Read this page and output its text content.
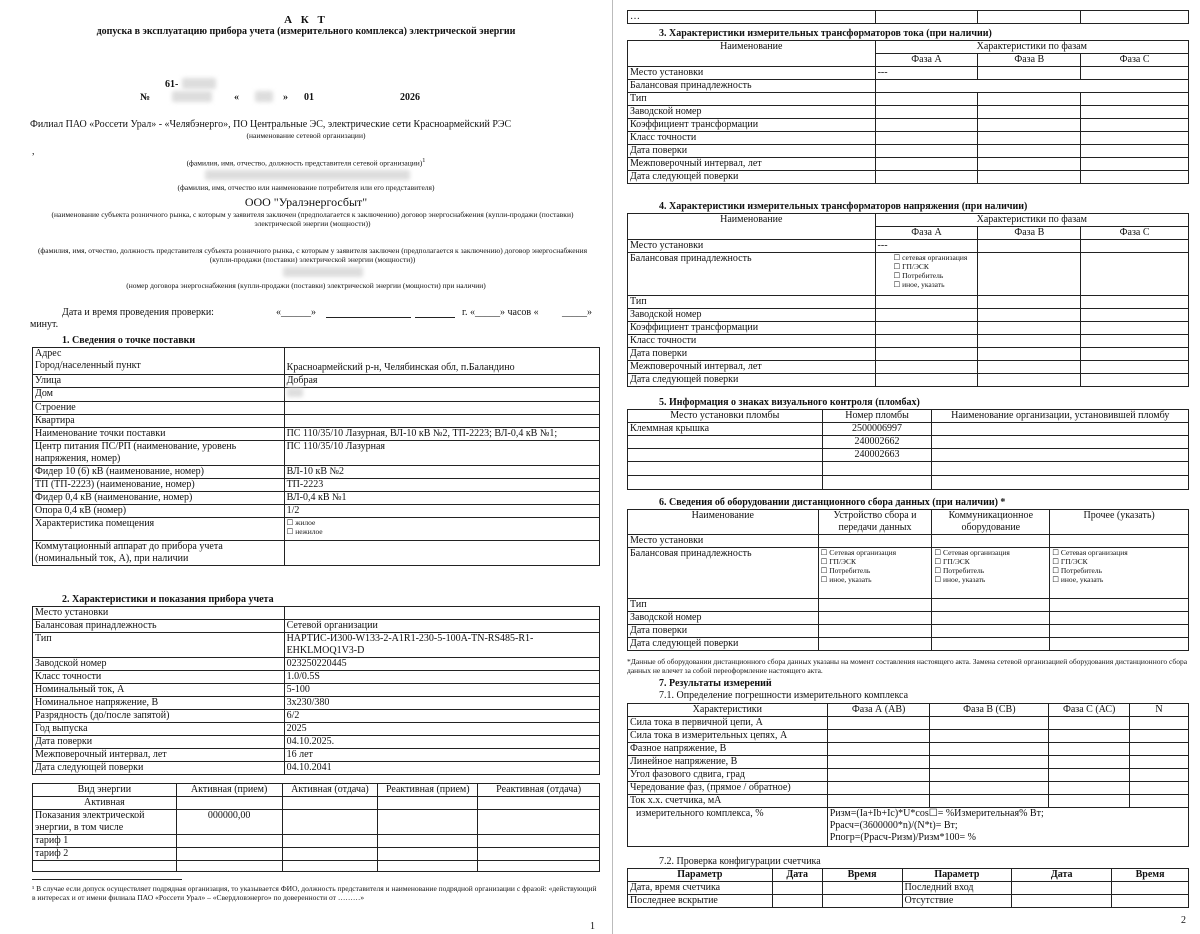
А К Т
допуска в эксплуатацию прибора учета (измерительного комплекса) электрической энергии
61-
№	«	» 01	2026
Филиал ПАО «Россети Урал» - «Челябэнерго», ПО Центральные ЭС, электрические сети Красноармейский РЭС
(наименование сетевой организации)
,
(фамилия, имя, отчество, должность представителя сетевой организации)$^1$
(фамилия, имя, отчество или наименование потребителя или его представителя)
ООО "Уралэнергосбыт"
(наименование субъекта розничного рынка, с которым у заявителя заключен (предполагается к заключению) договор энергоснабжения (купли-продажи (поставки) электрической энергии (мощности))
(фамилия, имя, отчество, должность представителя субъекта розничного рынка, с которым у заявителя заключен (предполагается к заключению) договор энергоснабжения (купли-продажи (поставки) электрической энергии (мощности))
(номер договора энергоснабжения (купли-продажи (поставки) электрической энергии (мощности) при наличии)
Дата и время проведения проверки:	«______»	г. «_____» часов « _____»
минут.
1. Сведения о точке поставки
Адрес
Город/населенный пункт	Красноармейский р-н, Челябинская обл, п.Баландино
Улица	Добрая
Дом	
Строение	
Квартира	
Наименование точки поставки	ПС 110/35/10 Лазурная, ВЛ-10 кВ №2, ТП-2223; ВЛ-0,4 кВ №1;
Центр питания ПС/РП (наименование, уровень напряжения, номер)	ПС 110/35/10 Лазурная
Фидер 10 (6) кВ (наименование, номер)	ВЛ-10 кВ №2
ТП (ТП-2223) (наименование, номер)	ТП-2223
Фидер 0,4 кВ (наименование, номер)	ВЛ-0,4 кВ №1
Опора 0,4 кВ (номер)	1/2
Характеристика помещения	☐ жилое
☐ нежилое

Коммутационный аппарат до прибора учета (номинальный ток, А), при наличии	
2. Характеристики и показания прибора учета
Место установки	
Балансовая принадлежность	Сетевой организации
Тип	НАРТИС-И300-W133-2-A1R1-230-5-100А-TN-RS485-R1-EHKLMOQ1V3-D
Заводской номер	023250220445
Класс точности	1.0/0.5S
Номинальный ток, А	5-100
Номинальное напряжение, В	3x230/380
Разрядность (до/после запятой)	6/2
Год выпуска	2025
Дата поверки	04.10.2025.
Межповерочный интервал, лет	16 лет
Дата следующей поверки	04.10.2041
Вид энергии	Активная (прием)	Активная (отдача)	Реактивная (прием)	Реактивная (отдача)
Активная				
Показания электрической энергии, в том числе	000000,00			
тариф 1				
тариф 2				

¹ В случае если допуск осуществляет подрядная организация, то указывается ФИО, должность представителя и наименование подрядной организации с фразой: «действующий в интересах и от имени филиала ПАО «Россети Урал» – «Свердловэнерго» по доверенности от ………»
1
…			
3. Характеристики измерительных трансформаторов тока (при наличии)
Наименование	Характеристики по фазам		
	Фаза А	Фаза В	Фаза С
Место установки	---		
Балансовая принадлежность			
Тип			
Заводской номер			
Коэффициент трансформации			
Класс точности			
Дата поверки			
Межповерочный интервал, лет			
Дата следующей поверки			
4. Характеристики измерительных трансформаторов напряжения (при наличии)
Наименование	Характеристики по фазам		
	Фаза А	Фаза В	Фаза С
Место установки	---		
Балансовая принадлежность	☐ сетевая организация
☐ ГП/ЭСК
☐ Потребитель
☐ иное, указать

Тип			
Заводской номер			
Коэффициент трансформации			
Класс точности			
Дата поверки			
Межповерочный интервал, лет			
Дата следующей поверки			
5. Информация о знаках визуального контроля (пломбах)
Место установки пломбы	Номер пломбы	Наименование организации, установившей пломбу
Клеммная крышка	2500006997	
	240002662	
	240002663	

6. Сведения об оборудовании дистанционного сбора данных (при наличии) *
Наименование	Устройство сбора и передачи данных	Коммуникационное оборудование	Прочее (указать)
Место установки			
Балансовая принадлежность	☐ Сетевая организация
☐ ГП/ЭСК
☐ Потребитель
☐ иное, указать	☐ Сетевая организация
☐ ГП/ЭСК
☐ Потребитель
☐ иное, указать	☐ Сетевая организация
☐ ГП/ЭСК
☐ Потребитель
☐ иное, указать

Тип			
Заводской номер			
Дата поверки			
Дата следующей поверки			
*Данные об оборудовании дистанционного сбора данных указаны на момент составления настоящего акта. Замена сетевой организацией оборудования дистанционного сбора данных не влечет за собой переоформление настоящего акта.
7. Результаты измерений
7.1. Определение погрешности измерительного комплекса
Характеристики	Фаза А (АВ)	Фаза В (СВ)	Фаза С (АС)	N
Сила тока в первичной цепи, А				
Сила тока в измерительных цепях, А				
Фазное напряжение, В				
Линейное напряжение, В				
Угол фазового сдвига, град				
Чередование фаз, (прямое / обратное)				
Ток х.х. счетчика, мА				
измерительного комплекса, %	Pизм=(Ia+Ib+Ic)*U*cos☐= %Измерительная% Вт;
Pрасч=(3600000*n)/(N*t)= Вт;
Pпогр=(Pрасч-Pизм)/Pизм*100= %			
7.2. Проверка конфигурации счетчика
Параметр	Дата	Время	Параметр	Дата	Время
Дата, время счетчика			Последний вход		
Последнее вскрытие			Отсутствие		
2
